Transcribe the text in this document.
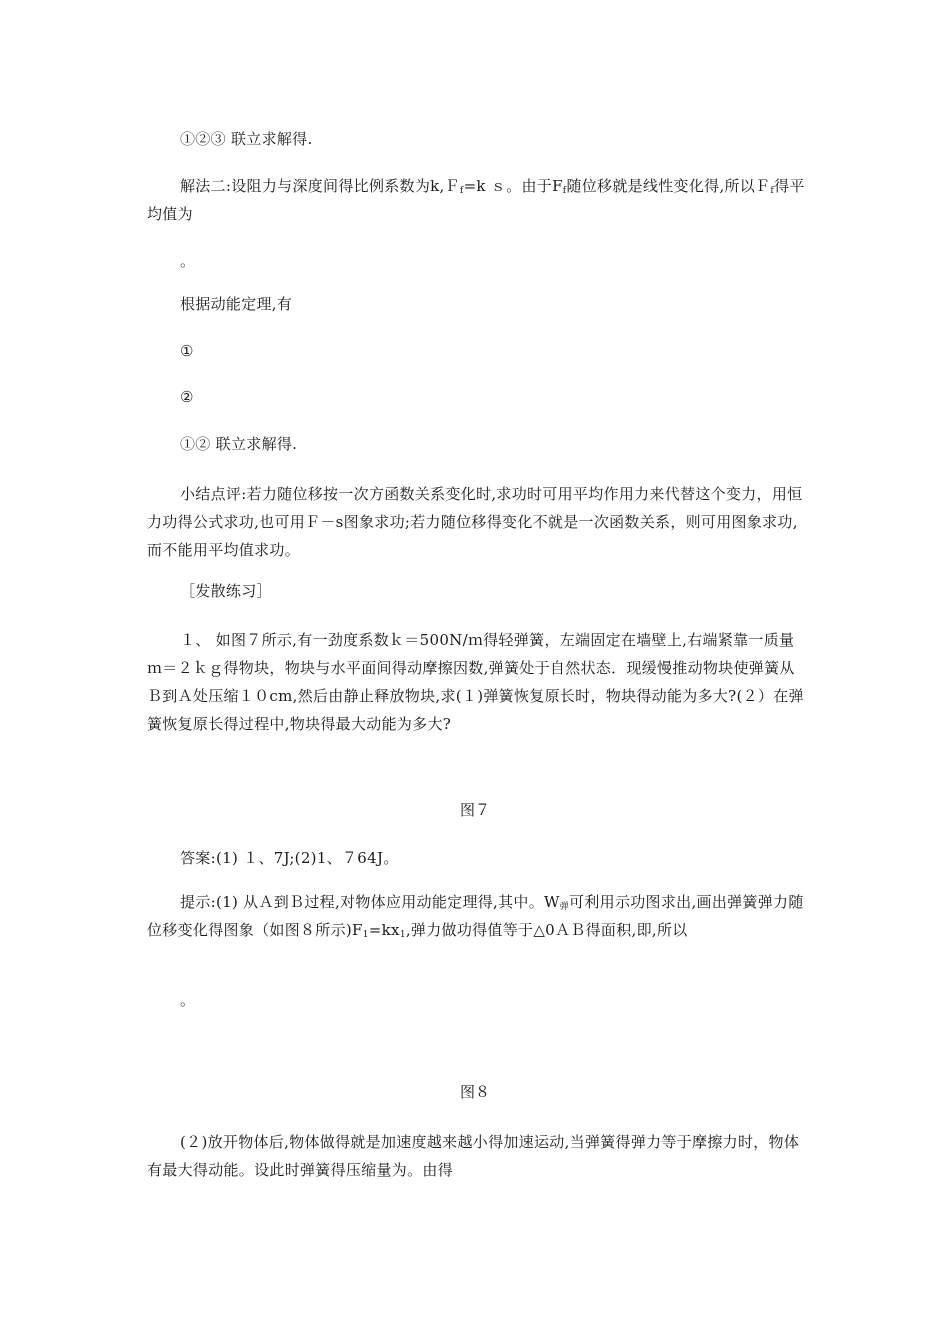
①②③ 联立求解得.

解法二:设阻力与深度间得比例系数为k,Ｆ$_f$=k ｓ。由于$F_f$随位移就是线性变化得,所以Ｆ$_f$得平均值为

。

根据动能定理,有

①

②

①② 联立求解得.

小结点评:若力随位移按一次方函数关系变化时,求功时可用平均作用力来代替这个变力，用恒力功得公式求功,也可用Ｆ－s图象求功;若力随位移得变化不就是一次函数关系，则可用图象求功,而不能用平均值求功。

［发散练习］

１、 如图７所示,有一劲度系数ｋ＝500N/ｍ得轻弹簧，左端固定在墙壁上,右端紧靠一质量ｍ＝２ｋｇ得物块，物块与水平面间得动摩擦因数,弹簧处于自然状态．现缓慢推动物块使弹簧从Ｂ到Ａ处压缩１０cm,然后由静止释放物块,求(１)弹簧恢复原长时，物块得动能为多大?(２）在弹簧恢复原长得过程中,物块得最大动能为多大?

图７

答案:(1) １、7J;(2)1、７64J。

提示:(1) 从Ａ到Ｂ过程,对物体应用动能定理得,其中。$W_弹$可利用示功图求出,画出弹簧弹力随位移变化得图象（如图８所示)$F_1=kx_1$,弹力做功得值等于△0ＡＢ得面积,即,所以

。

图８

(２)放开物体后,物体做得就是加速度越来越小得加速运动,当弹簧得弹力等于摩擦力时，物体有最大得动能。设此时弹簧得压缩量为。由得
